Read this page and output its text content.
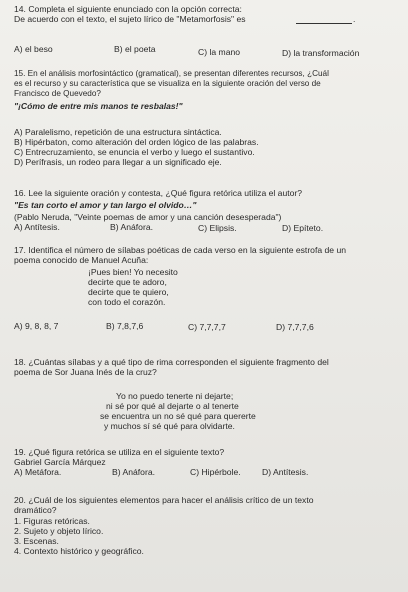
14. Completa el siguiente enunciado con la opción correcta:
De acuerdo con el texto, el sujeto lírico de "Metamorfosis" es	.
A) el beso	B) el poeta	C) la mano	D) la transformación
15. En el análisis morfosintáctico (gramatical), se presentan diferentes recursos, ¿Cuál
es el recurso y su característica que se visualiza en la siguiente oración del verso de
Francisco de Quevedo?
"¡Cómo de entre mis manos te resbalas!"
A) Paralelismo, repetición de una estructura sintáctica.
B) Hipérbaton, como alteración del orden lógico de las palabras.
C) Entrecruzamiento, se enuncia el verbo y luego el sustantivo.
D) Perífrasis, un rodeo para llegar a un significado eje.
16. Lee la siguiente oración y contesta, ¿Qué figura retórica utiliza el autor?
"Es tan corto el amor y tan largo el olvido…"
(Pablo Neruda, "Veinte poemas de amor y una canción desesperada")
A) Antítesis.	B) Anáfora.	C) Elipsis.	D) Epíteto.
17. Identifica el número de sílabas poéticas de cada verso en la siguiente estrofa de un
poema conocido de Manuel Acuña:
¡Pues bien! Yo necesito
decirte que te adoro,
decirte que te quiero,
con todo el corazón.
A) 9, 8, 8, 7	B) 7,8,7,6	C) 7,7,7,7	D) 7,7,7,6
18. ¿Cuántas sílabas y a qué tipo de rima corresponden el siguiente fragmento del
poema de Sor Juana Inés de la cruz?
Yo no puedo tenerte ni dejarte;
ni sé por qué al dejarte o al tenerte
se encuentra un no sé qué para quererte
y muchos sí sé qué para olvidarte.
19. ¿Qué figura retórica se utiliza en el siguiente texto?
Gabriel García Márquez
A) Metáfora.	B) Anáfora.	C) Hipérbole. D) Antítesis.
20. ¿Cuál de los siguientes elementos para hacer el análisis crítico de un texto
dramático?
1. Figuras retóricas.
2. Sujeto y objeto lírico.
3. Escenas.
4. Contexto histórico y geográfico.
